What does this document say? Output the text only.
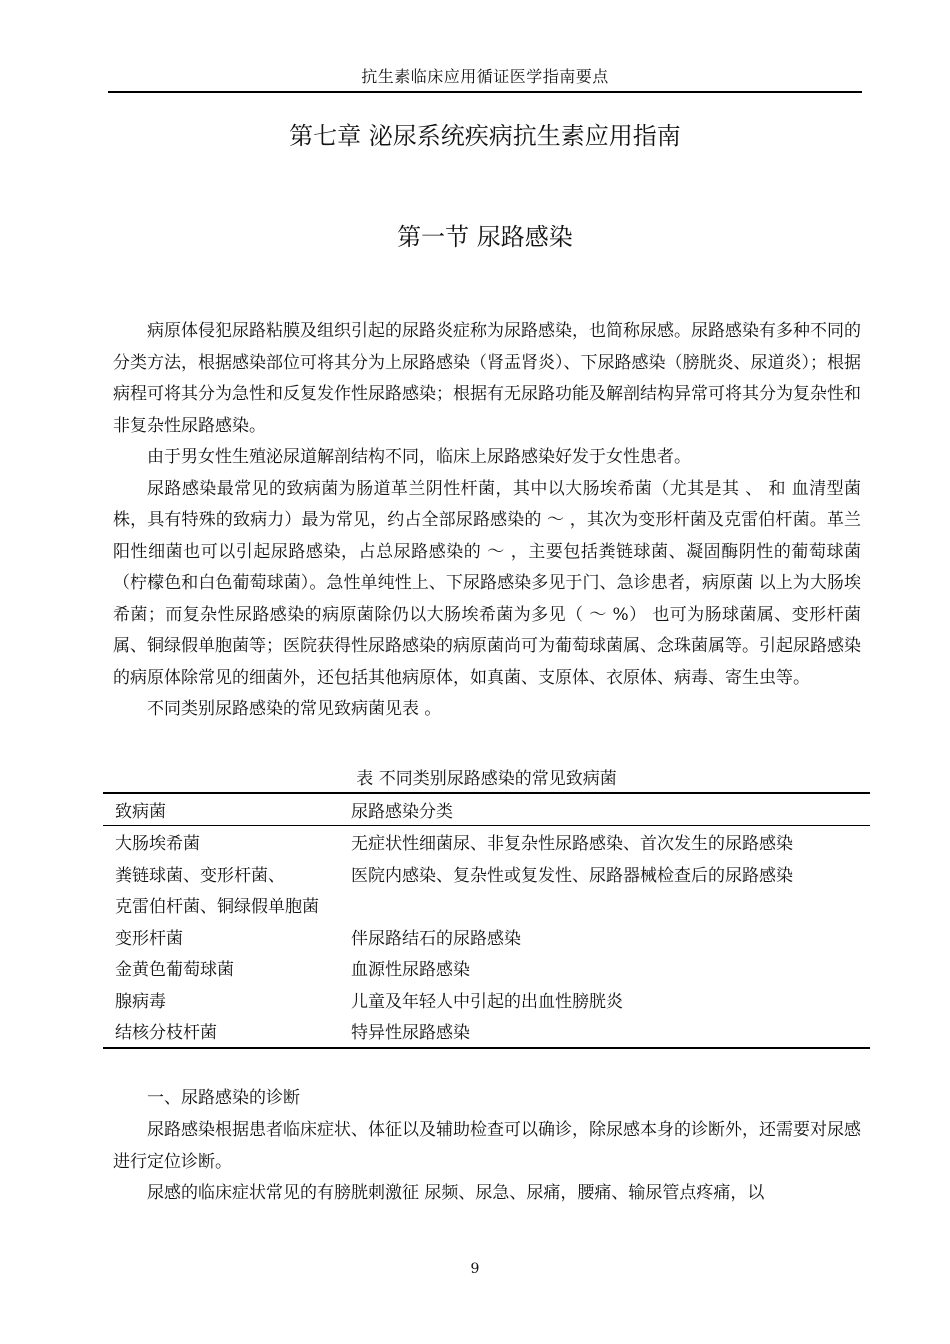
抗生素临床应用循证医学指南要点
第七章 泌尿系统疾病抗生素应用指南
第一节 尿路感染

病原体侵犯尿路粘膜及组织引起的尿路炎症称为尿路感染，也简称尿感。尿路感染有多种不同的分类方法，根据感染部位可将其分为上尿路感染（肾盂肾炎）、下尿路感染（膀胱炎、尿道炎）；根据病程可将其分为急性和反复发作性尿路感染；根据有无尿路功能及解剖结构异常可将其分为复杂性和非复杂性尿路感染。

由于男女性生殖泌尿道解剖结构不同，临床上尿路感染好发于女性患者。

尿路感染最常见的致病菌为肠道革兰阴性杆菌，其中以大肠埃希菌（尤其是其 、 和 血清型菌株，具有特殊的致病力）最为常见，约占全部尿路感染的 ～ ，其次为变形杆菌及克雷伯杆菌。革兰阳性细菌也可以引起尿路感染，占总尿路感染的 ～ ，主要包括粪链球菌、凝固酶阴性的葡萄球菌（柠檬色和白色葡萄球菌）。急性单纯性上、下尿路感染多见于门、急诊患者，病原菌 以上为大肠埃希菌；而复杂性尿路感染的病原菌除仍以大肠埃希菌为多见（ ～ %） 也可为肠球菌属、变形杆菌属、铜绿假单胞菌等；医院获得性尿路感染的病原菌尚可为葡萄球菌属、念珠菌属等。引起尿路感染的病原体除常见的细菌外，还包括其他病原体，如真菌、支原体、衣原体、病毒、寄生虫等。

不同类别尿路感染的常见致病菌见表 。

表 不同类别尿路感染的常见致病菌
致病菌	尿路感染分类
大肠埃希菌	无症状性细菌尿、非复杂性尿路感染、首次发生的尿路感染
粪链球菌、变形杆菌、	医院内感染、复杂性或复发性、尿路器械检查后的尿路感染
克雷伯杆菌、铜绿假单胞菌	
变形杆菌	伴尿路结石的尿路感染
金黄色葡萄球菌	血源性尿路感染
腺病毒	儿童及年轻人中引起的出血性膀胱炎
结核分枝杆菌	特异性尿路感染
一、尿路感染的诊断

尿路感染根据患者临床症状、体征以及辅助检查可以确诊，除尿感本身的诊断外，还需要对尿感进行定位诊断。

尿感的临床症状常见的有膀胱刺激征 尿频、尿急、尿痛，腰痛、输尿管点疼痛，以

9
